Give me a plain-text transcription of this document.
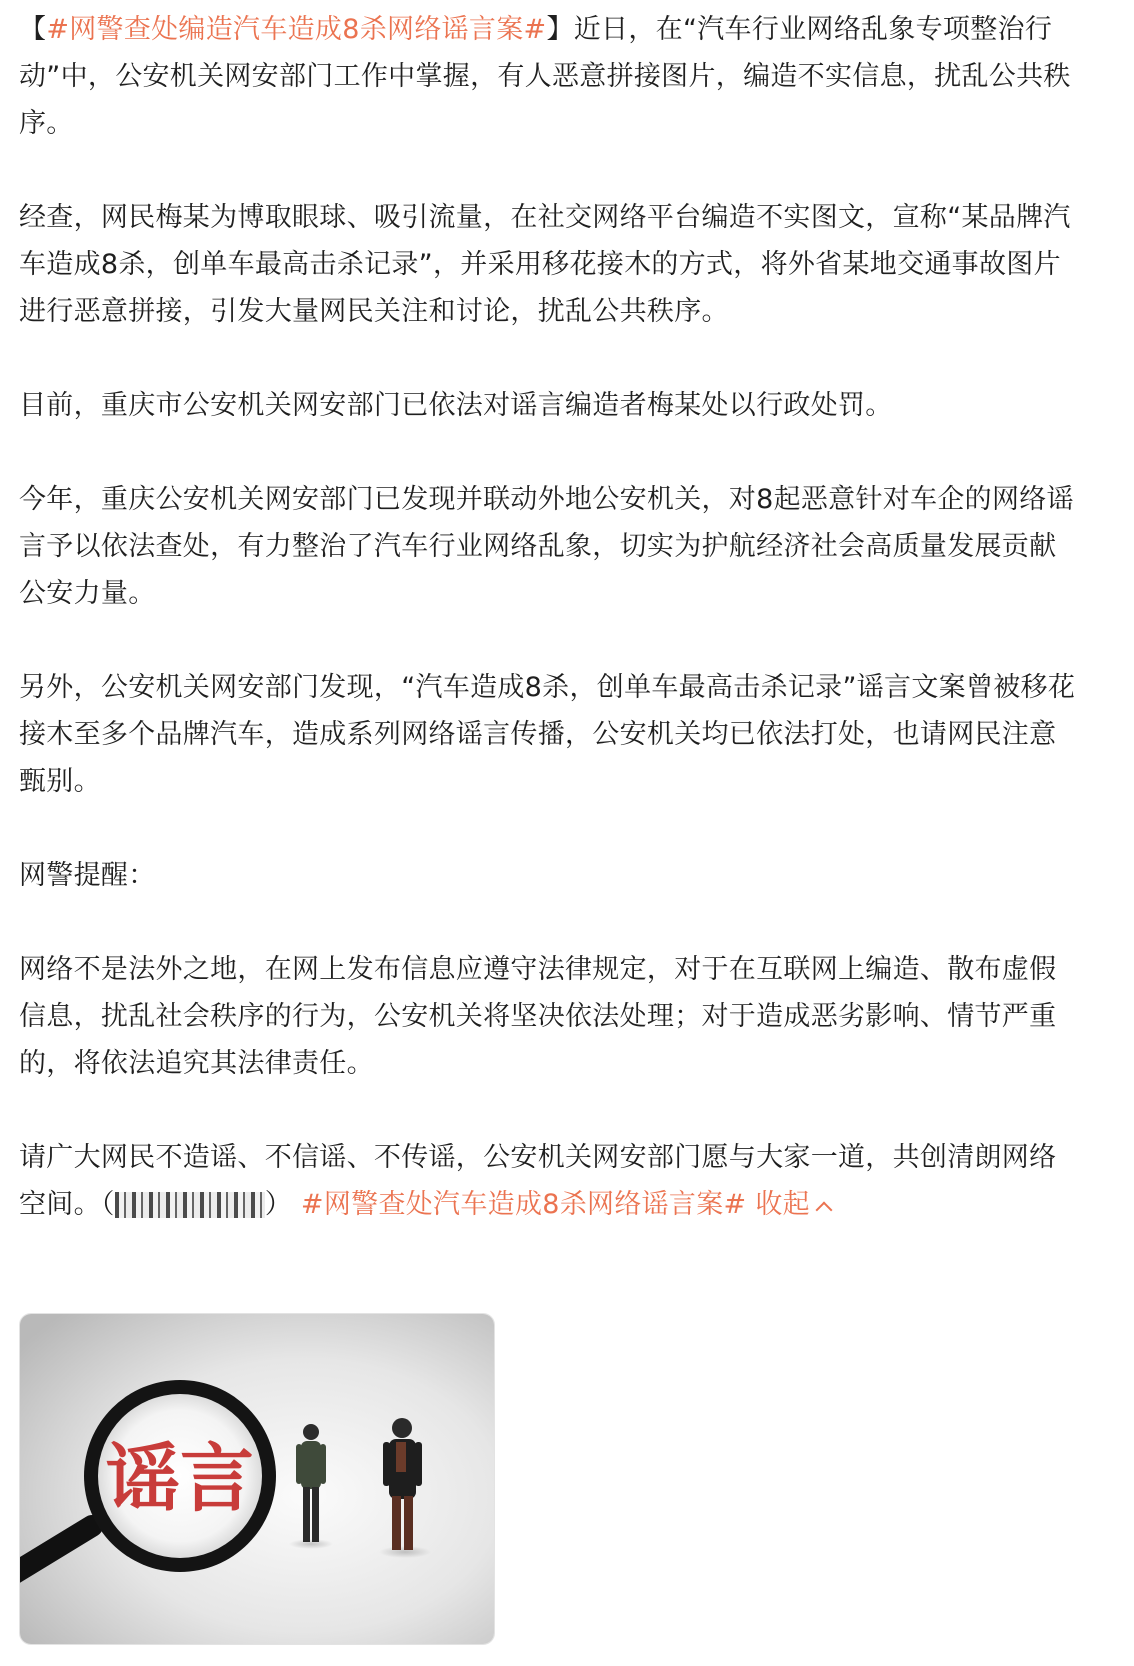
【#网警查处编造汽车造成8杀网络谣言案#】近日，在“汽车行业网络乱象专项整治行动”中，公安机关网安部门工作中掌握，有人恶意拼接图片，编造不实信息，扰乱公共秩序。

经查，网民梅某为博取眼球、吸引流量，在社交网络平台编造不实图文，宣称“某品牌汽车造成8杀，创单车最高击杀记录”，并采用移花接木的方式，将外省某地交通事故图片进行恶意拼接，引发大量网民关注和讨论，扰乱公共秩序。

目前，重庆市公安机关网安部门已依法对谣言编造者梅某处以行政处罚。

今年，重庆公安机关网安部门已发现并联动外地公安机关，对8起恶意针对车企的网络谣言予以依法查处，有力整治了汽车行业网络乱象，切实为护航经济社会高质量发展贡献公安力量。

另外，公安机关网安部门发现，“汽车造成8杀，创单车最高击杀记录”谣言文案曾被移花接木至多个品牌汽车，造成系列网络谣言传播，公安机关均已依法打处，也请网民注意甄别。

网警提醒：

网络不是法外之地，在网上发布信息应遵守法律规定，对于在互联网上编造、散布虚假信息，扰乱社会秩序的行为，公安机关将坚决依法处理；对于造成恶劣影响、情节严重的，将依法追究其法律责任。

请广大网民不造谣、不信谣、不传谣，公安机关网安部门愿与大家一道，共创清朗网络空间。（	） #网警查处汽车造成8杀网络谣言案# 收起

谣言
